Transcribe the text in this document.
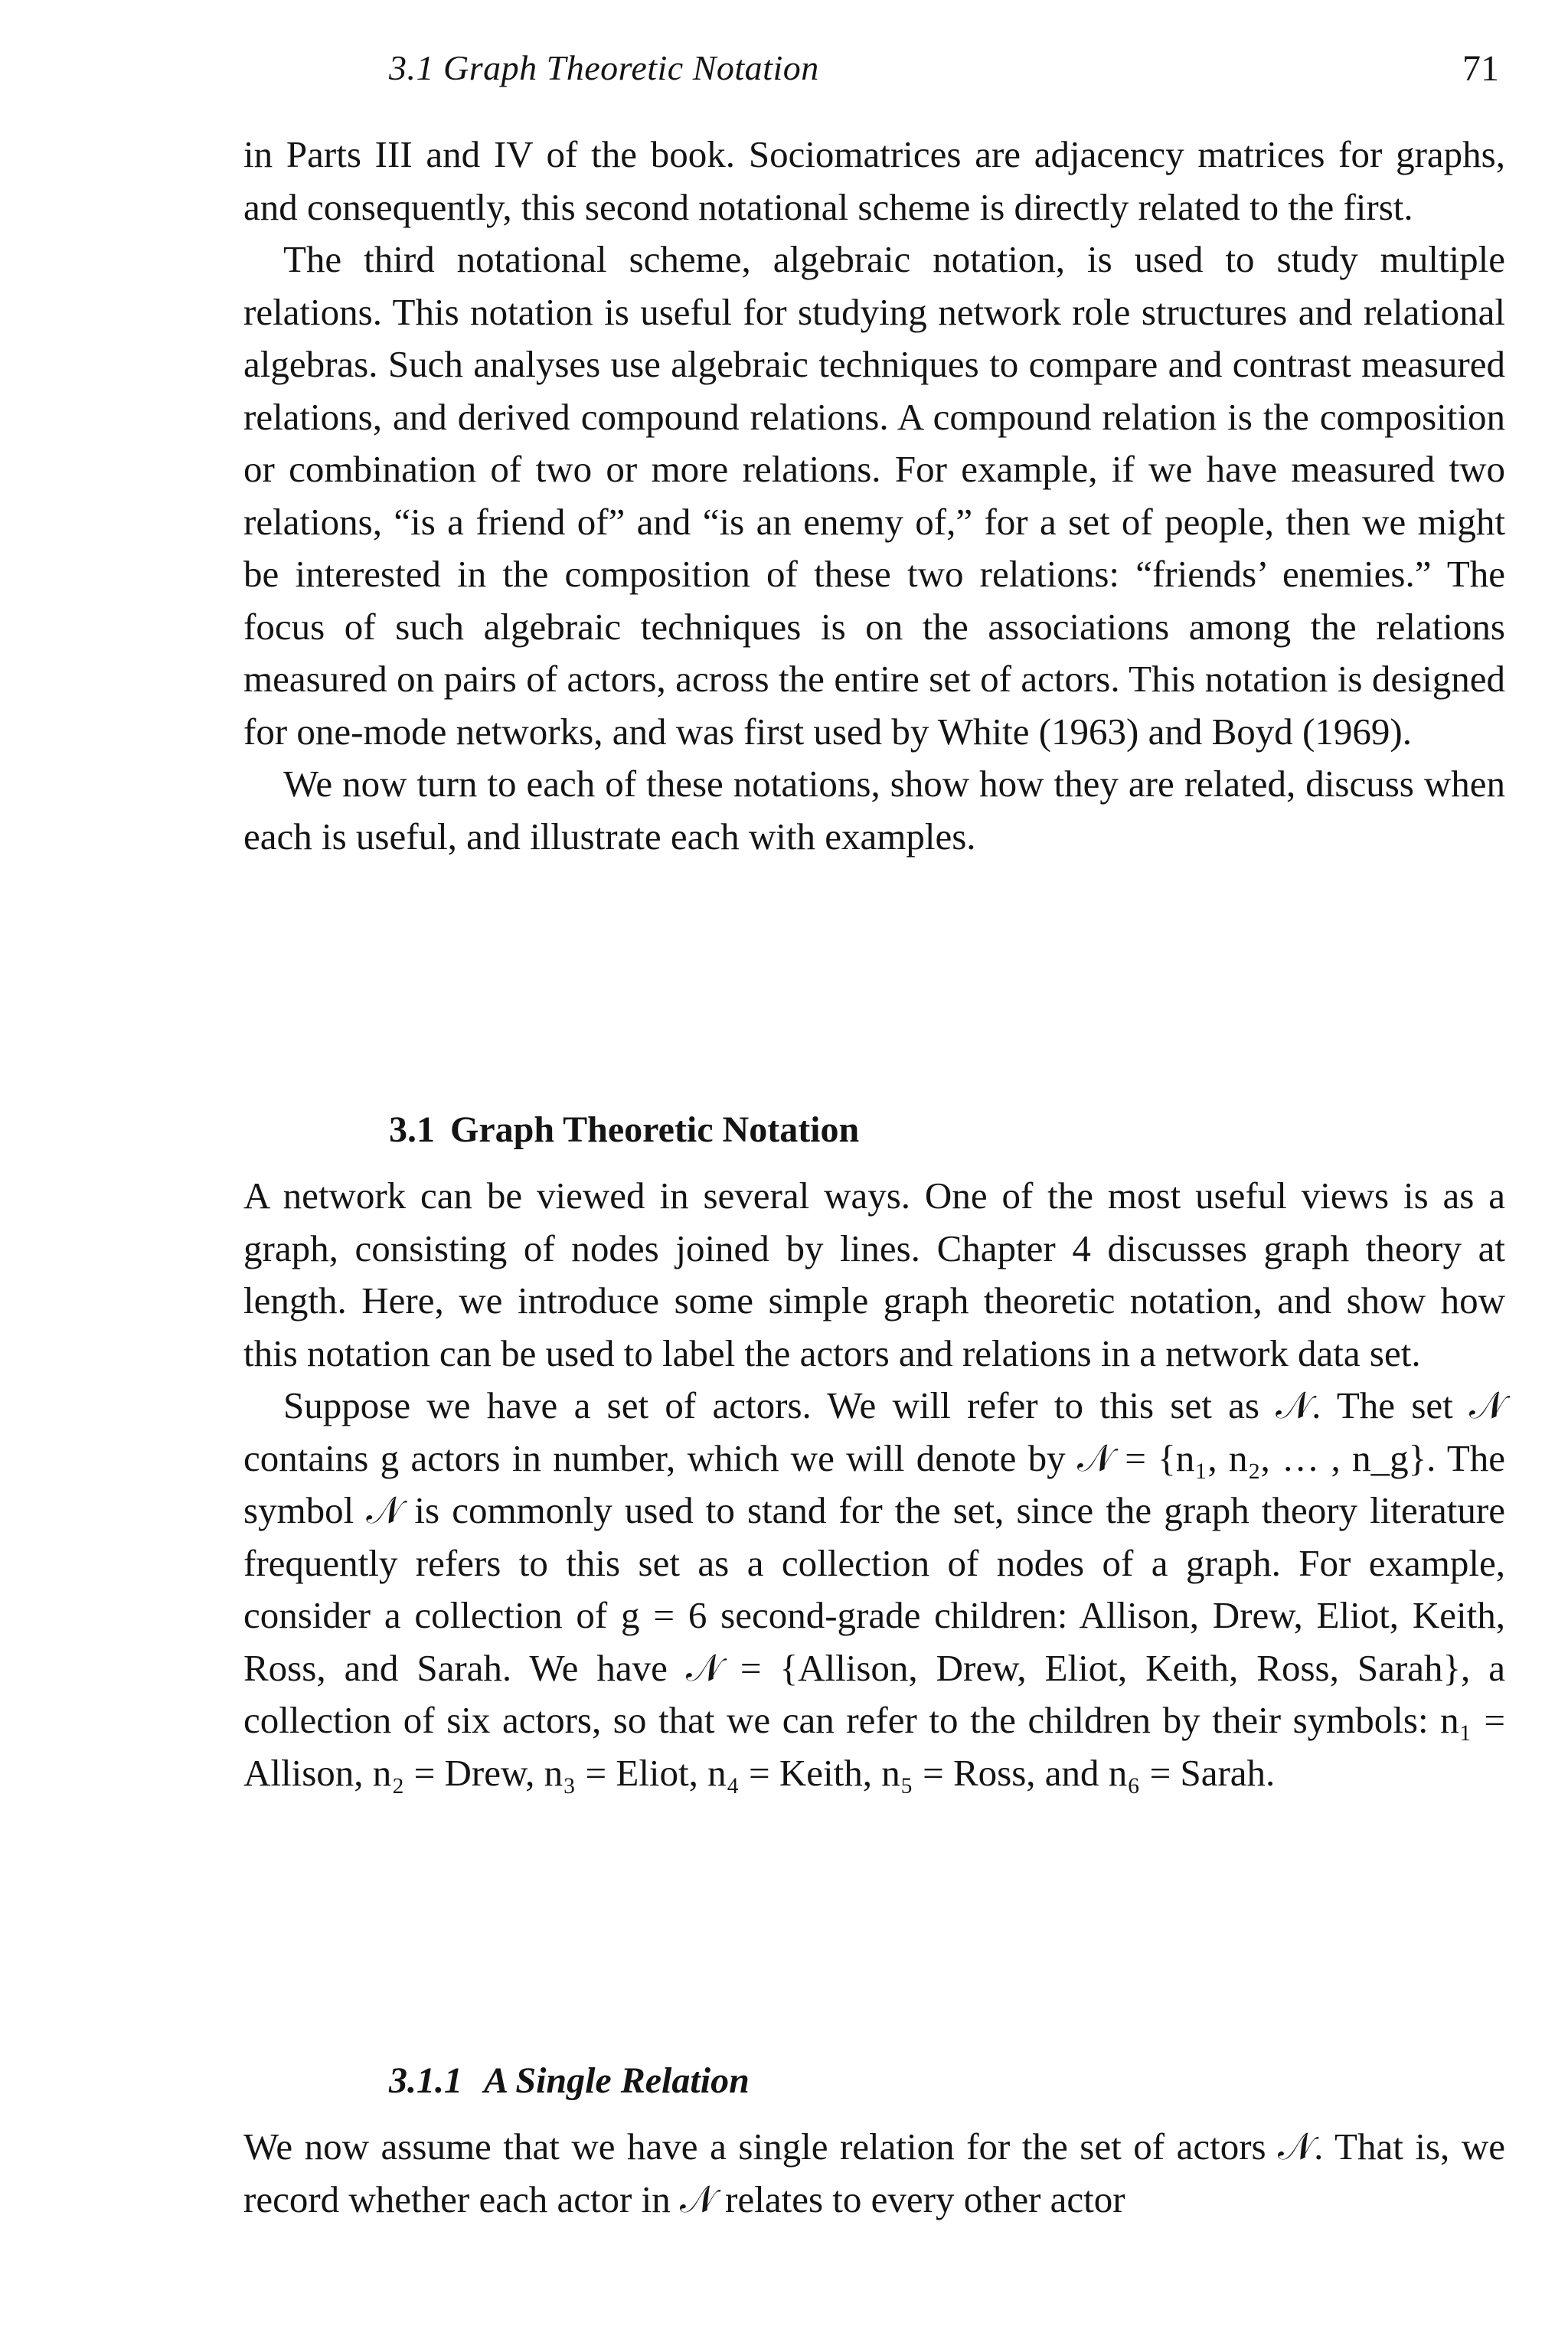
3.1 Graph Theoretic Notation	71

in Parts III and IV of the book. Sociomatrices are adjacency matrices for graphs, and consequently, this second notational scheme is directly related to the first.

The third notational scheme, algebraic notation, is used to study multiple relations. This notation is useful for studying network role structures and relational algebras. Such analyses use algebraic techniques to compare and contrast measured relations, and derived compound relations. A compound relation is the composition or combination of two or more relations. For example, if we have measured two relations, “is a friend of” and “is an enemy of,” for a set of people, then we might be interested in the composition of these two relations: “friends’ enemies.” The focus of such algebraic techniques is on the associations among the relations measured on pairs of actors, across the entire set of actors. This notation is designed for one-mode networks, and was first used by White (1963) and Boyd (1969).

We now turn to each of these notations, show how they are related, discuss when each is useful, and illustrate each with examples.

3.1 Graph Theoretic Notation

A network can be viewed in several ways. One of the most useful views is as a graph, consisting of nodes joined by lines. Chapter 4 discusses graph theory at length. Here, we introduce some simple graph theoretic notation, and show how this notation can be used to label the actors and relations in a network data set.

Suppose we have a set of actors. We will refer to this set as 𝒩. The set 𝒩 contains g actors in number, which we will denote by 𝒩 = {n₁, n₂, … , n_g}. The symbol 𝒩 is commonly used to stand for the set, since the graph theory literature frequently refers to this set as a collection of nodes of a graph. For example, consider a collection of g = 6 second-grade children: Allison, Drew, Eliot, Keith, Ross, and Sarah. We have 𝒩 = {Allison, Drew, Eliot, Keith, Ross, Sarah}, a collection of six actors, so that we can refer to the children by their symbols: n₁ = Allison, n₂ = Drew, n₃ = Eliot, n₄ = Keith, n₅ = Ross, and n₆ = Sarah.

3.1.1 A Single Relation

We now assume that we have a single relation for the set of actors 𝒩. That is, we record whether each actor in 𝒩 relates to every other actor
